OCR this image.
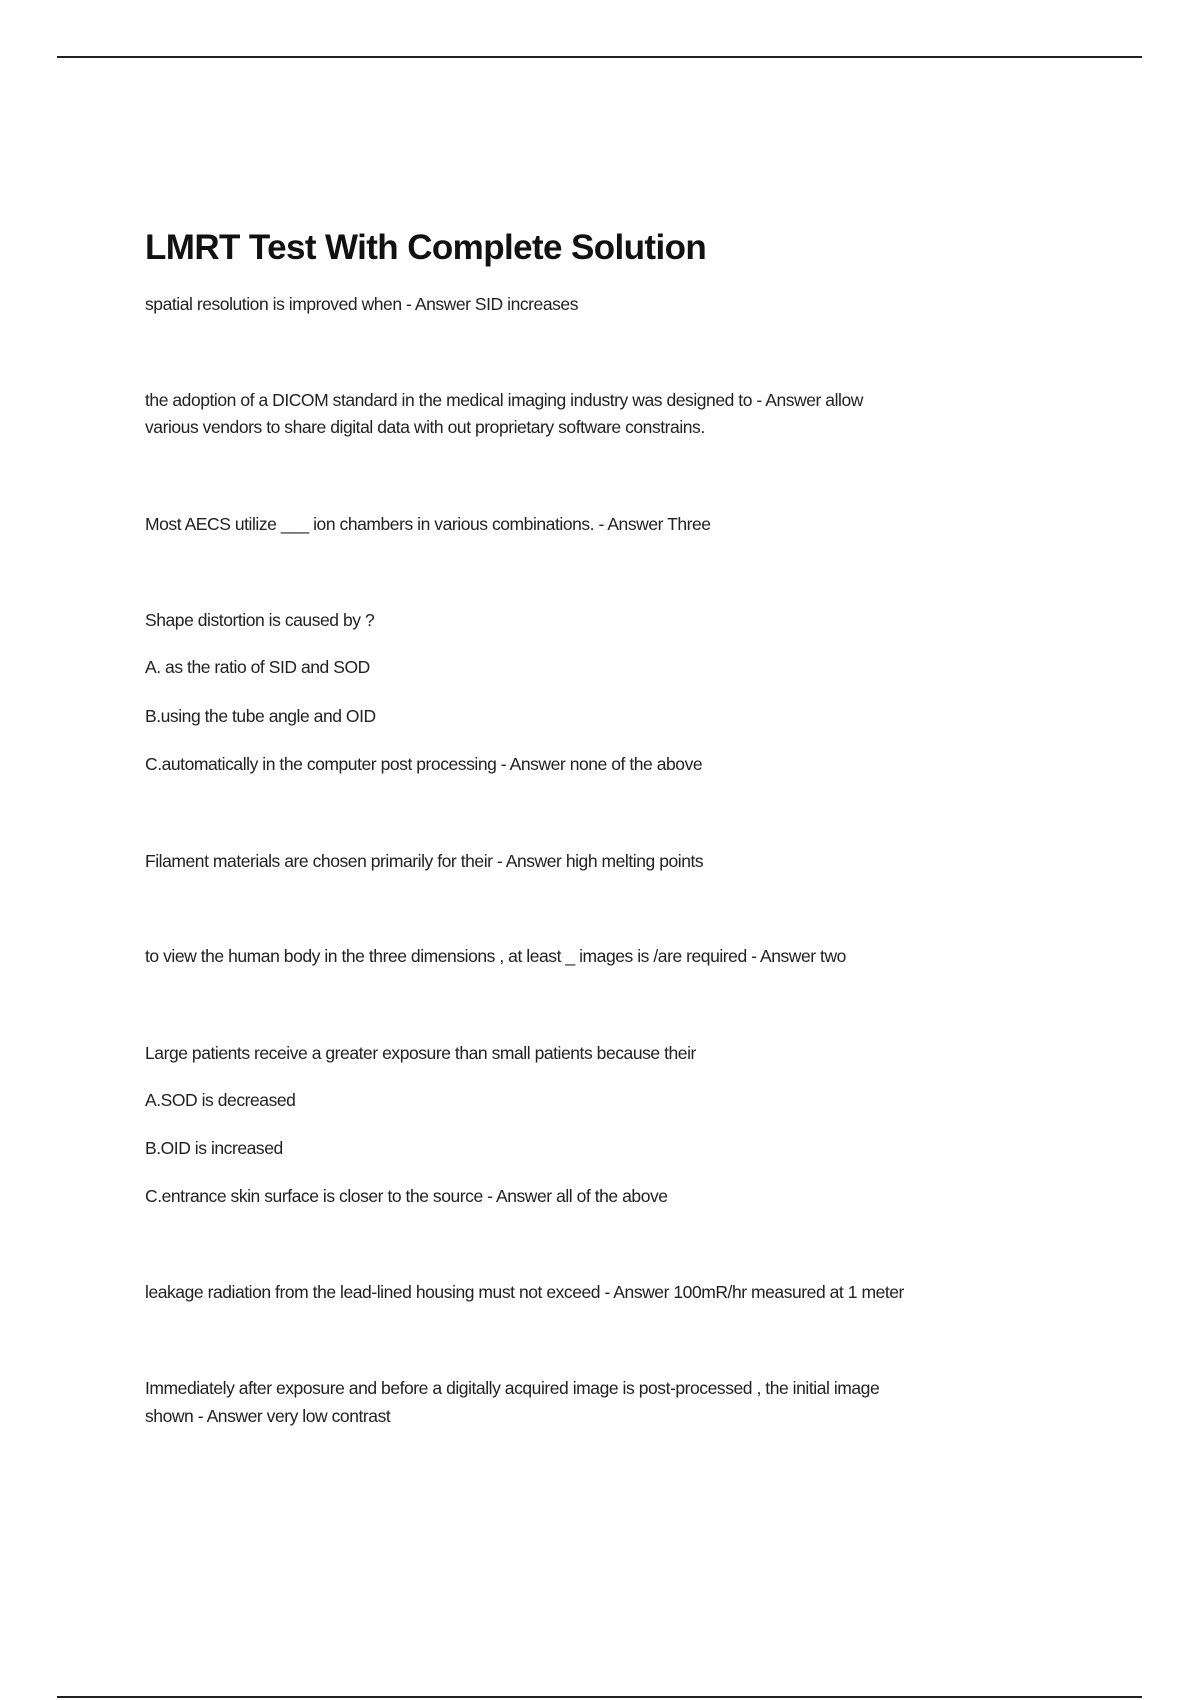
LMRT Test With Complete Solution
spatial resolution is improved when - Answer SID increases
the adoption of a DICOM standard in the medical imaging industry was designed to - Answer allow
various vendors to share digital data with out proprietary software constrains.
Most AECS utilize ___ ion chambers in various combinations. - Answer Three
Shape distortion is caused by ?
A. as the ratio of SID and SOD
B.using the tube angle and OID
C.automatically in the computer post processing - Answer none of the above
Filament materials are chosen primarily for their - Answer high melting points
to view the human body in the three dimensions , at least _ images is /are required - Answer two
Large patients receive a greater exposure than small patients because their
A.SOD is decreased
B.OID is increased
C.entrance skin surface is closer to the source - Answer all of the above
leakage radiation from the lead-lined housing must not exceed - Answer 100mR/hr measured at 1 meter
Immediately after exposure and before a digitally acquired image is post-processed , the initial image
shown - Answer very low contrast
